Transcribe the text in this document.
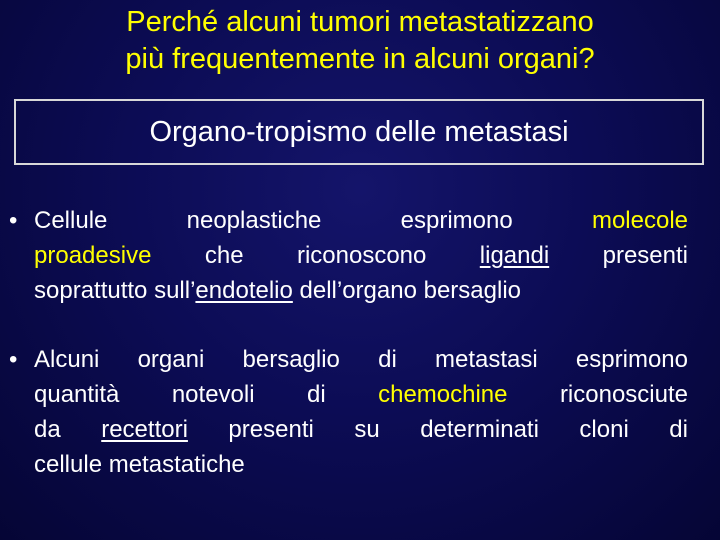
Perché alcuni tumori metastatizzano
più frequentemente in alcuni organi?
Organo-tropismo delle metastasi
• Cellule neoplastiche esprimono molecole
proadesive che riconoscono ligandi presenti
soprattutto sull’endotelio dell’organo bersaglio
• Alcuni organi bersaglio di metastasi esprimono
quantità notevoli di chemochine riconosciute
da recettori presenti su determinati cloni di
cellule metastatiche
